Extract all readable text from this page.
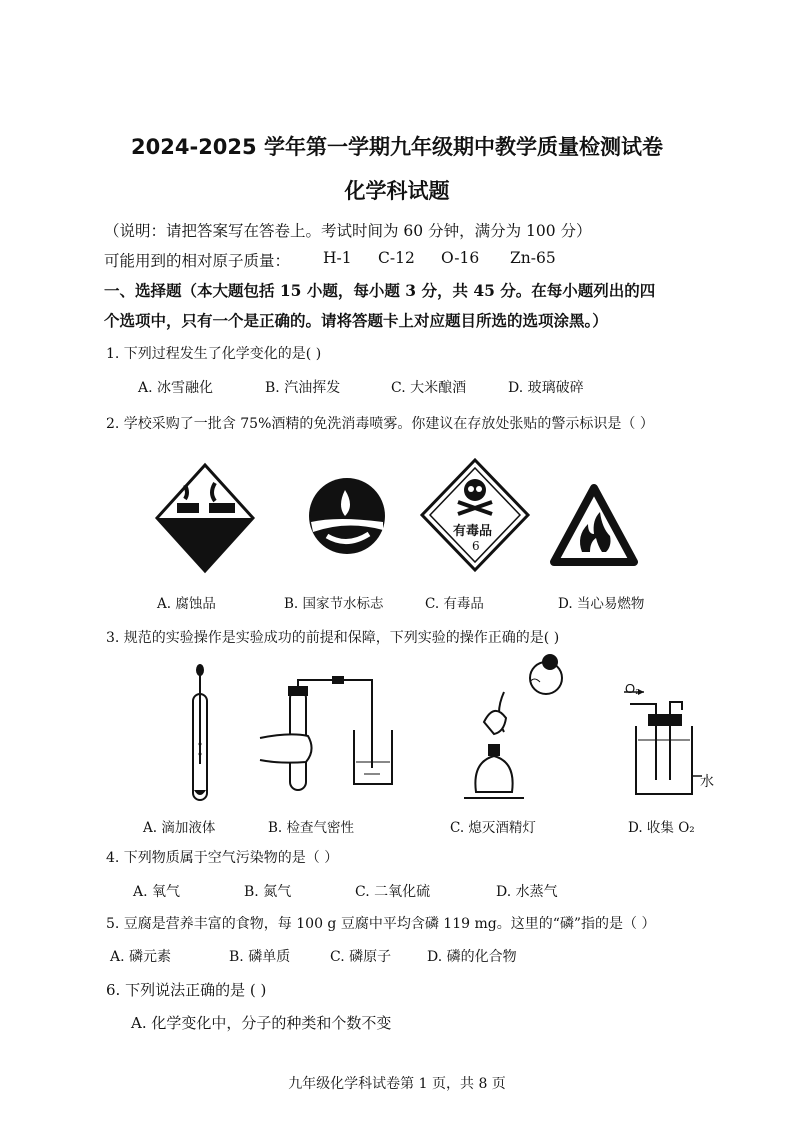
2024-2025 学年第一学期九年级期中教学质量检测试卷
化学科试题
（说明：请把答案写在答卷上。考试时间为 60 分钟，满分为 100 分）
可能用到的相对原子质量： H-1 C-12 O-16 Zn-65
一、选择题（本大题包括 15 小题，每小题 3 分，共 45 分。在每小题列出的四
个选项中，只有一个是正确的。请将答题卡上对应题目所选的选项涂黑。）
1. 下列过程发生了化学变化的是( )
A. 冰雪融化	B. 汽油挥发	C. 大米酿酒	D. 玻璃破碎
2. 学校采购了一批含 75%酒精的免洗消毒喷雾。你建议在存放处张贴的警示标识是（ ）
有毒品
6
A. 腐蚀品	B. 国家节水标志	C. 有毒品	D. 当心易燃物
3. 规范的实验操作是实验成功的前提和保障，下列实验的操作正确的是( )
O₂
水
A. 滴加液体	B. 检查气密性	C. 熄灭酒精灯	D. 收集 O₂
4. 下列物质属于空气污染物的是（ ）
A. 氧气	B. 氮气	C. 二氧化硫	D. 水蒸气
5. 豆腐是营养丰富的食物，每 100 g 豆腐中平均含磷 119 mg。这里的“磷”指的是（ ）
A. 磷元素	B. 磷单质	C. 磷原子	D. 磷的化合物
6. 下列说法正确的是 ( )
A. 化学变化中，分子的种类和个数不变
九年级化学科试卷第 1 页，共 8 页
